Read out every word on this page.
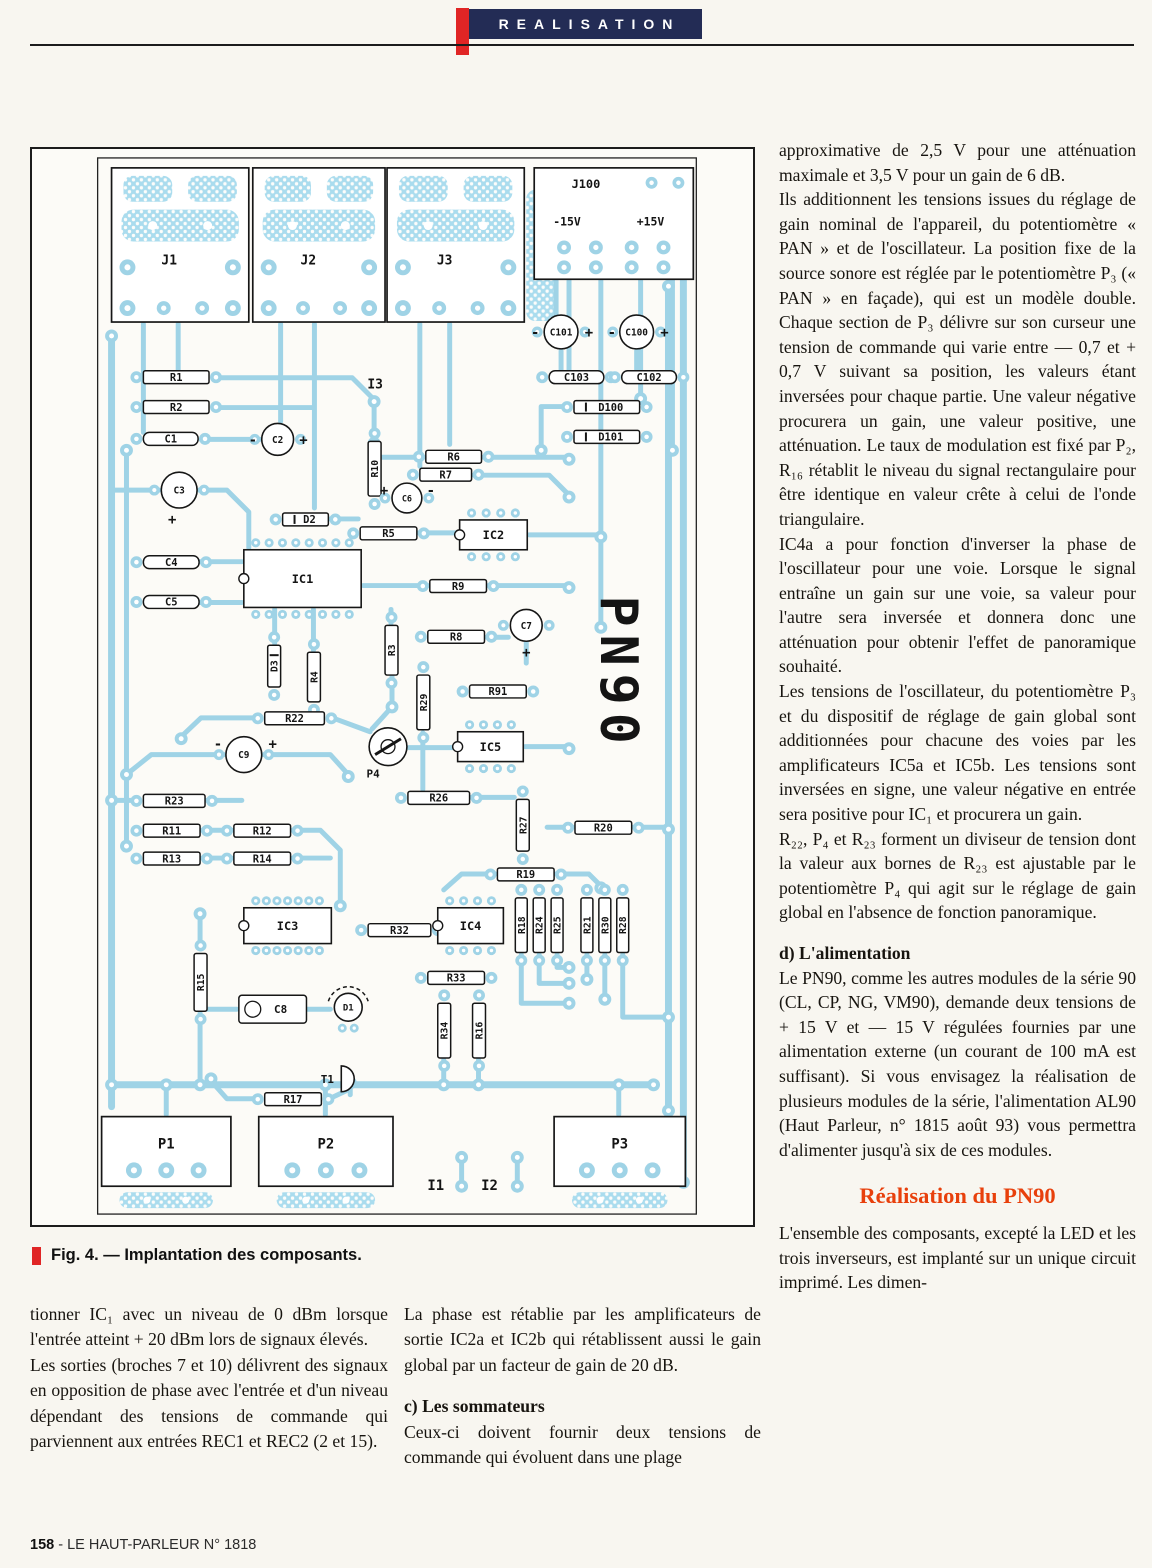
REALISATION
J1	J2	J3
J100
-15V	+15V
C101
-	+	C100
-	+
C103	C102
D100
D101
R1
R2
C1	C2
-	+
I3
C3
+
R10
R6
R7
C6
+	-
D2
R5	IC2
C4
C5
IC1
R9
R8
C7
+ PN90
D3
R4
R3
R91
R29
R22
C9
-	+
P4
IC5
R26
R23
R11	R12	R27	R20
R13	R14
R19
IC3	R32	IC4	R18 R24 R25 R21 R30 R28
R15
C8	D1
R33
R34 R16
T1
R17
P1	P2	P3
I1	I2
Fig. 4. — Implantation des composants.

approximative de 2,5 V pour une atténuation maximale et 3,5 V pour un gain de 6 dB.

Ils additionnent les tensions issues du réglage de gain nominal de l'appareil, du potentiomètre « PAN » et de l'oscillateur. La position fixe de la source sonore est réglée par le potentiomètre P₃ (« PAN » en façade), qui est un modèle double. Chaque section de P₃ délivre sur son curseur une tension de commande qui varie entre — 0,7 et + 0,7 V suivant sa position, les valeurs étant inversées pour chaque partie. Une valeur négative procurera un gain, une valeur positive, une atténuation. Le taux de modulation est fixé par P₂, R₁₆ rétablit le niveau du signal rectangulaire pour être identique en valeur crête à celui de l'onde triangulaire.

IC4a a pour fonction d'inverser la phase de l'oscillateur pour une voie. Lorsque le signal entraîne un gain sur une voie, sa valeur pour l'autre sera inversée et donnera donc une atténuation pour obtenir l'effet de panoramique souhaité.

Les tensions de l'oscillateur, du potentiomètre P₃ et du dispositif de réglage de gain global sont additionnées pour chacune des voies par les amplificateurs IC5a et IC5b. Les tensions sont inversées en signe, une valeur négative en entrée sera positive pour IC₁ et procurera un gain.

R₂₂, P₄ et R₂₃ forment un diviseur de tension dont la valeur aux bornes de R₂₃ est ajustable par le potentiomètre P₄ qui agit sur le réglage de gain global en l'absence de fonction panoramique.

d) L'alimentation

Le PN90, comme les autres modules de la série 90 (CL, CP, NG, VM90), demande deux tensions de + 15 V et — 15 V régulées fournies par une alimentation externe (un courant de 100 mA est suffisant). Si vous envisagez la réalisation de plusieurs modules de la série, l'alimentation AL90 (Haut Parleur, n° 1815 août 93) vous permettra d'alimenter jusqu'à six de ces modules.

Réalisation du PN90

L'ensemble des composants, excepté la LED et les trois inverseurs, est implanté sur un unique circuit imprimé. Les dimen-

tionner IC₁ avec un niveau de 0 dBm lorsque l'entrée atteint + 20 dBm lors de signaux élevés.

Les sorties (broches 7 et 10) délivrent des signaux en opposition de phase avec l'entrée et d'un niveau dépendant des tensions de commande qui parviennent aux entrées REC1 et REC2 (2 et 15).

La phase est rétablie par les amplificateurs de sortie IC2a et IC2b qui rétablissent aussi le gain global par un facteur de gain de 20 dB.

c) Les sommateurs

Ceux-ci doivent fournir deux tensions de commande qui évoluent dans une plage

158 - LE HAUT-PARLEUR N° 1818
